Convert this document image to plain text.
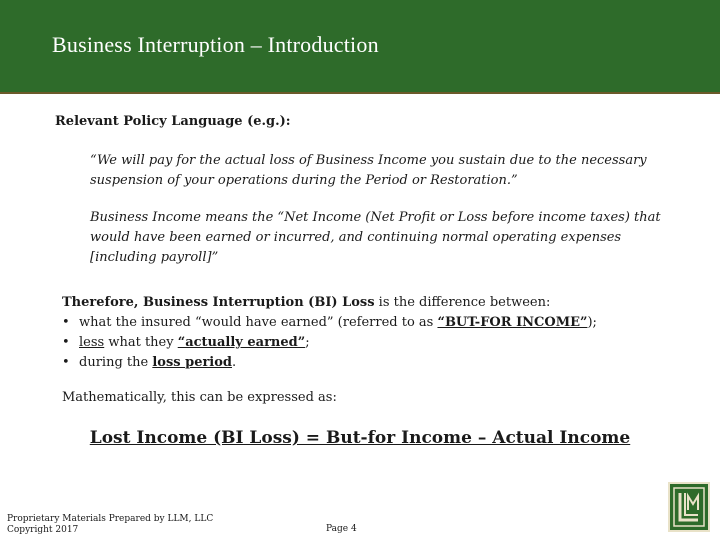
Business Interruption – Introduction
Relevant Policy Language (e.g.):
“We will pay for the actual loss of Business Income you sustain due to the necessary suspension of your operations during the Period or Restoration.”
Business Income means the “Net Income (Net Profit or Loss before income taxes) that would have been earned or incurred, and continuing normal operating expenses [including payroll]”
Therefore, Business Interruption (BI) Loss is the difference between:
• what the insured “would have earned” (referred to as “BUT-FOR INCOME”);
• less what they “actually earned”;
• during the loss period.
Mathematically, this can be expressed as:
Lost Income (BI Loss) = But-for Income – Actual Income
Proprietary Materials Prepared by LLM, LLC
Copyright 2017	Page 4
